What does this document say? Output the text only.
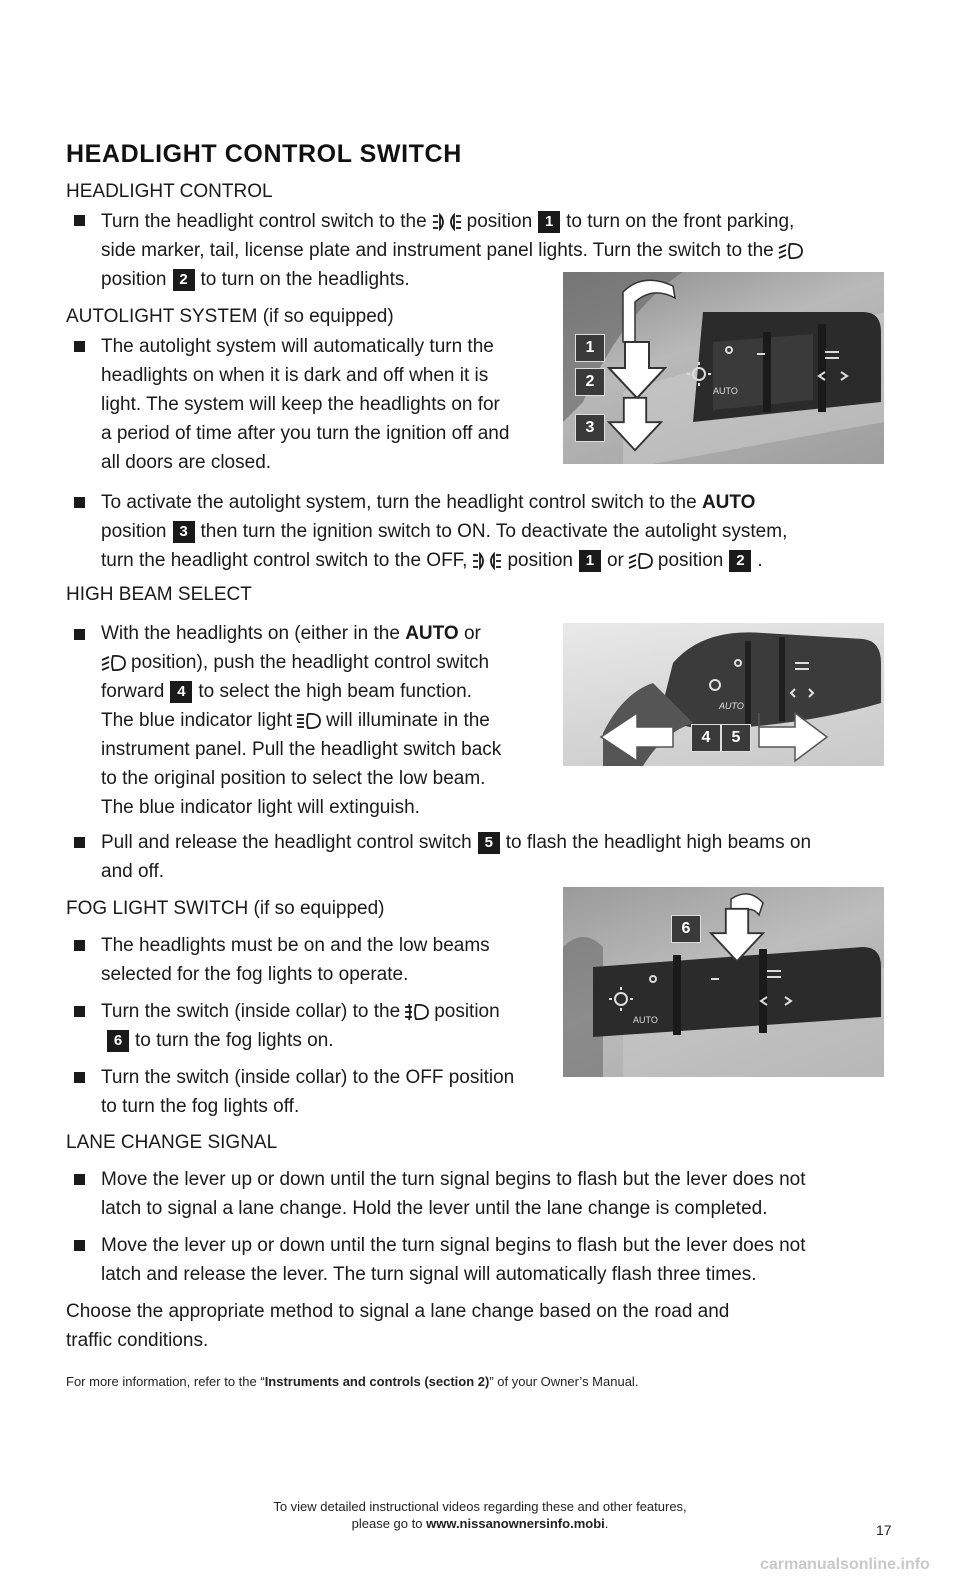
HEADLIGHT CONTROL SWITCH
HEADLIGHT CONTROL
Turn the headlight control switch to the position 1 to turn on the front parking,
side marker, tail, license plate and instrument panel lights. Turn the switch to the
position 2 to turn on the headlights.
AUTOLIGHT SYSTEM (if so equipped)
The autolight system will automatically turn the
headlights on when it is dark and off when it is
light. The system will keep the headlights on for
a period of time after you turn the ignition off and
all doors are closed.
To activate the autolight system, turn the headlight control switch to the AUTO
position 3 then turn the ignition switch to ON. To deactivate the autolight system,
turn the headlight control switch to the OFF, position 1 or position 2 .
HIGH BEAM SELECT
With the headlights on (either in the AUTO or
position), push the headlight control switch
forward 4 to select the high beam function.
The blue indicator light will illuminate in the
instrument panel. Pull the headlight switch back
to the original position to select the low beam.
The blue indicator light will extinguish.
Pull and release the headlight control switch 5 to flash the headlight high beams on
and off.
FOG LIGHT SWITCH (if so equipped)
The headlights must be on and the low beams
selected for the fog lights to operate.
Turn the switch (inside collar) to the position
6 to turn the fog lights on.
Turn the switch (inside collar) to the OFF position
to turn the fog lights off.
LANE CHANGE SIGNAL
Move the lever up or down until the turn signal begins to flash but the lever does not
latch to signal a lane change. Hold the lever until the lane change is completed.
Move the lever up or down until the turn signal begins to flash but the lever does not
latch and release the lever. The turn signal will automatically flash three times.
Choose the appropriate method to signal a lane change based on the road and
traffic conditions.
AUTO
1
2
3
AUTO
4	5
AUTO
6
For more information, refer to the “Instruments and controls (section 2)” of your Owner’s Manual.
17
To view detailed instructional videos regarding these and other features,
please go to www.nissanownersinfo.mobi.
carmanualsonline.info
